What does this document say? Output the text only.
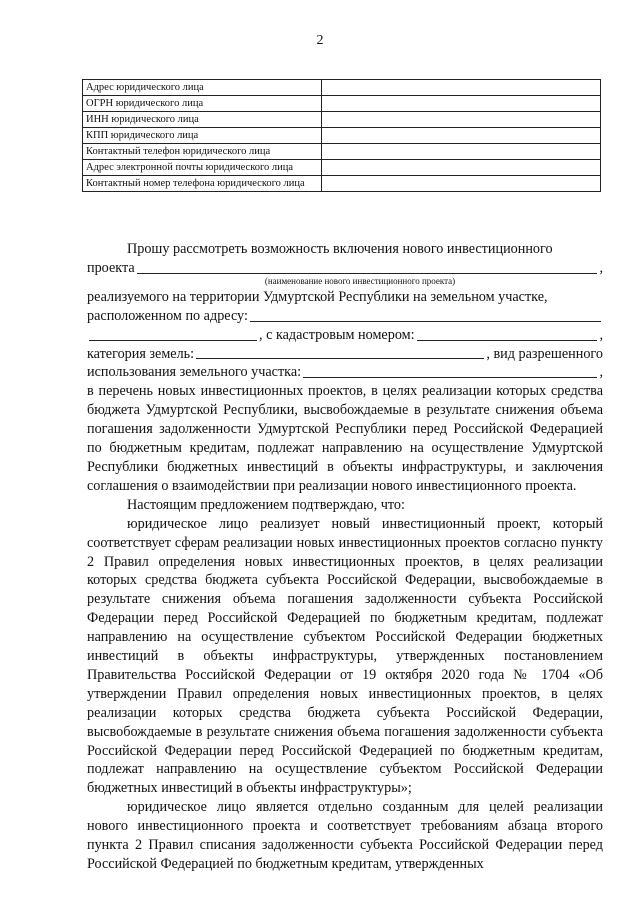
2
Адрес юридического лица	
ОГРН юридического лица	
ИНН юридического лица	
КПП юридического лица	
Контактный телефон юридического лица	
Адрес электронной почты юридического лица	
Контактный номер телефона юридического лица	

Прошу рассмотреть возможность включения нового инвестиционного

проекта	,
(наименование нового инвестиционного проекта)

реализуемого на территории Удмуртской Республики на земельном участке,

расположенном по адресу:
, с кадастровым номером:	,
категория земель:	, вид разрешенного
использования земельного участка:	,

в перечень новых инвестиционных проектов, в целях реализации которых средства бюджета Удмуртской Республики, высвобождаемые в результате снижения объема погашения задолженности Удмуртской Республики перед Российской Федерацией по бюджетным кредитам, подлежат направлению на осуществление Удмуртской Республики бюджетных инвестиций в объекты инфраструктуры, и заключения соглашения о взаимодействии при реализации нового инвестиционного проекта.

Настоящим предложением подтверждаю, что:

юридическое лицо реализует новый инвестиционный проект, который соответствует сферам реализации новых инвестиционных проектов согласно пункту 2 Правил определения новых инвестиционных проектов, в целях реализации которых средства бюджета субъекта Российской Федерации, высвобождаемые в результате снижения объема погашения задолженности субъекта Российской Федерации перед Российской Федерацией по бюджетным кредитам, подлежат направлению на осуществление субъектом Российской Федерации бюджетных инвестиций в объекты инфраструктуры, утвержденных постановлением Правительства Российской Федерации от 19 октября 2020 года № 1704 «Об утверждении Правил определения новых инвестиционных проектов, в целях реализации которых средства бюджета субъекта Российской Федерации, высвобождаемые в результате снижения объема погашения задолженности субъекта Российской Федерации перед Российской Федерацией по бюджетным кредитам, подлежат направлению на осуществление субъектом Российской Федерации бюджетных инвестиций в объекты инфраструктуры»;

юридическое лицо является отдельно созданным для целей реализации нового инвестиционного проекта и соответствует требованиям абзаца второго пункта 2 Правил списания задолженности субъекта Российской Федерации перед Российской Федерацией по бюджетным кредитам, утвержденных
